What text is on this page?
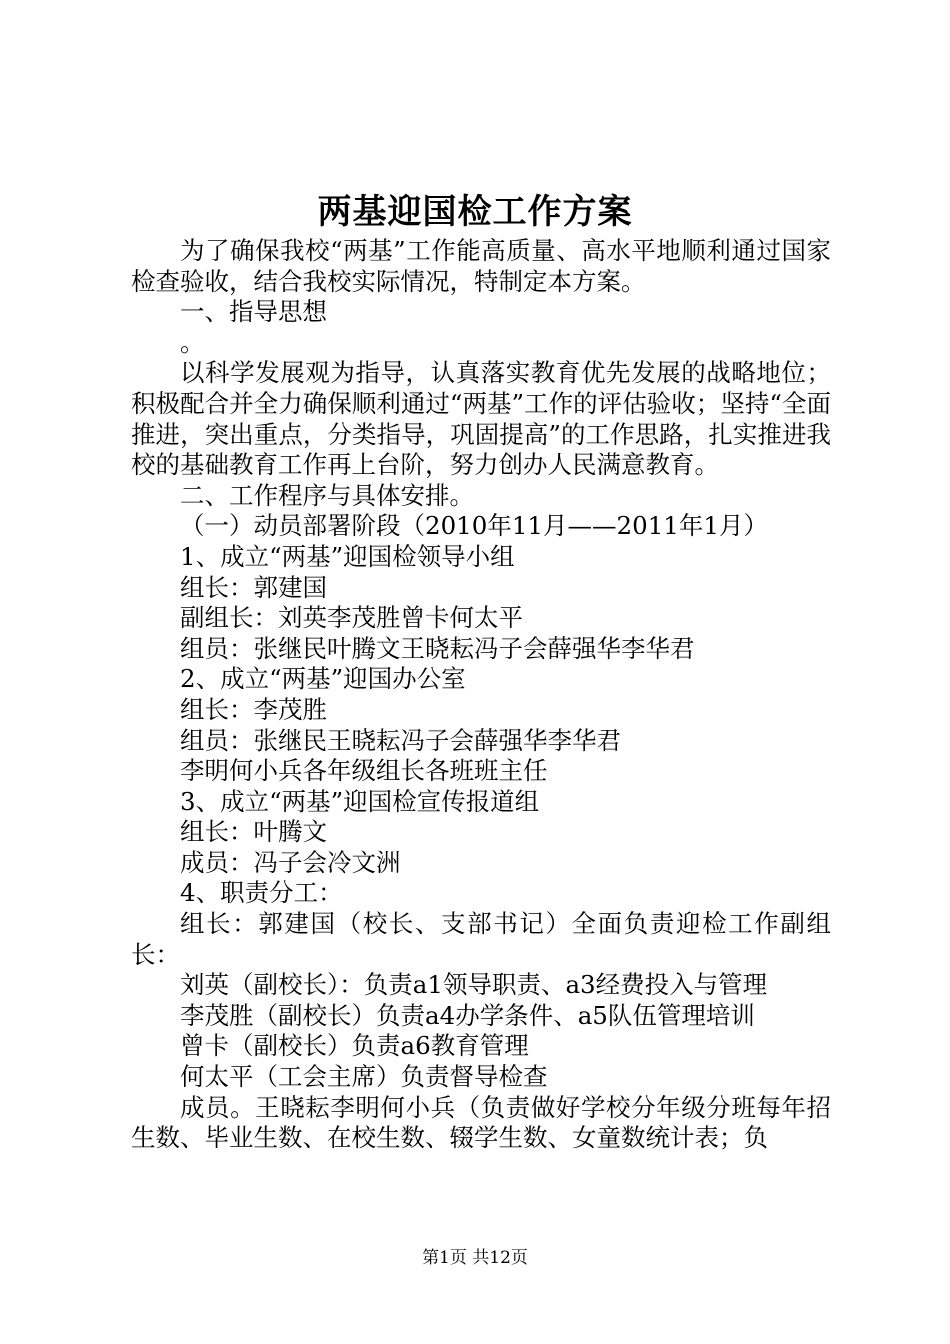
两基迎国检工作方案

为了确保我校“两基”工作能高质量、高水平地顺利通过国家检查验收，结合我校实际情况，特制定本方案。

一、指导思想

。

以科学发展观为指导，认真落实教育优先发展的战略地位；积极配合并全力确保顺利通过“两基”工作的评估验收；坚持“全面推进，突出重点，分类指导，巩固提高”的工作思路，扎实推进我校的基础教育工作再上台阶，努力创办人民满意教育。

二、工作程序与具体安排。

（一）动员部署阶段（2010年11月——2011年1月）

1、成立“两基”迎国检领导小组

组长：郭建国

副组长：刘英李茂胜曾卡何太平

组员：张继民叶腾文王晓耘冯子会薛强华李华君

2、成立“两基”迎国办公室

组长：李茂胜

组员：张继民王晓耘冯子会薛强华李华君

李明何小兵各年级组长各班班主任

3、成立“两基”迎国检宣传报道组

组长：叶腾文

成员：冯子会冷文洲

4、职责分工：

组长：郭建国（校长、支部书记）全面负责迎检工作副组长：

刘英（副校长）：负责a1领导职责、a3经费投入与管理

李茂胜（副校长）负责a4办学条件、a5队伍管理培训

曾卡（副校长）负责a6教育管理

何太平（工会主席）负责督导检查

成员。王晓耘李明何小兵（负责做好学校分年级分班每年招生数、毕业生数、在校生数、辍学生数、女童数统计表；负

第1页 共12页
